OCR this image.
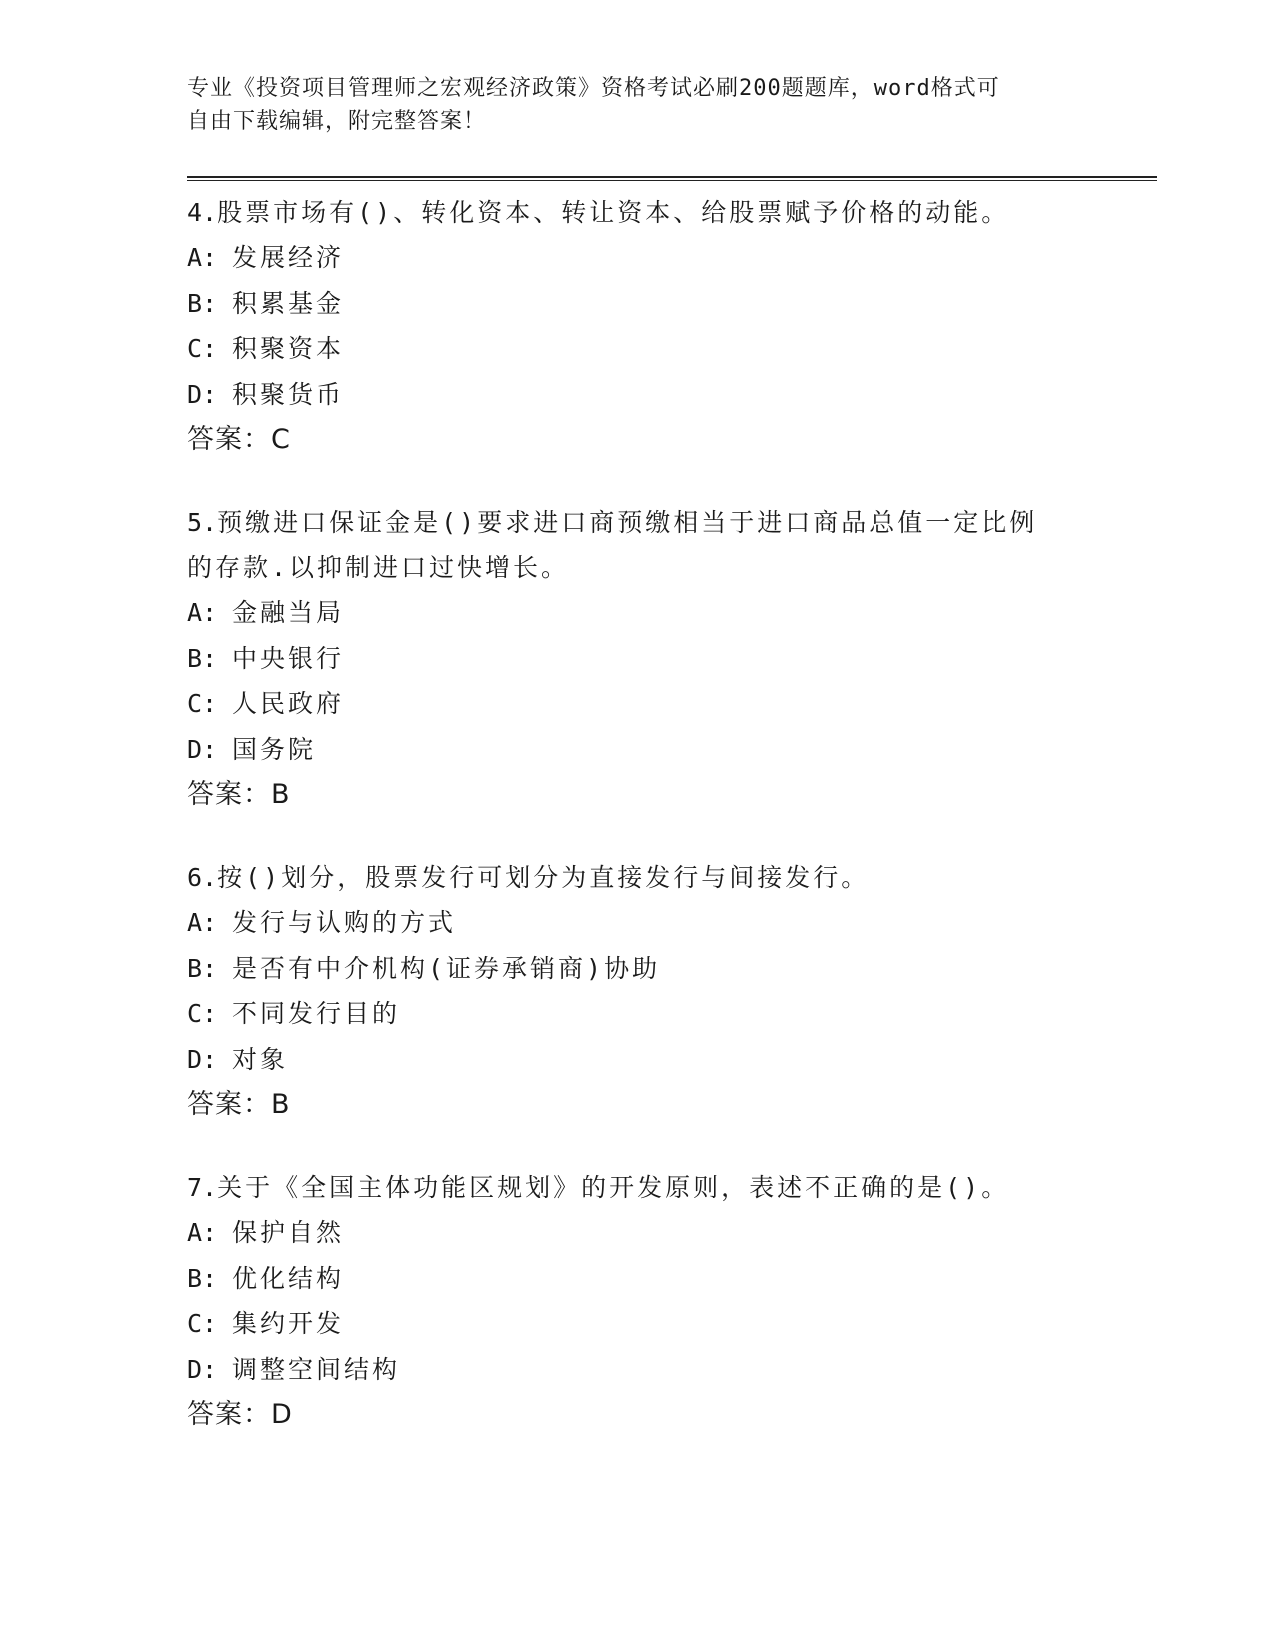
专业《投资项目管理师之宏观经济政策》资格考试必刷200题题库，word格式可
自由下载编辑，附完整答案！
4.股票市场有()、转化资本、转让资本、给股票赋予价格的动能。
A: 发展经济
B: 积累基金
C: 积聚资本
D: 积聚货币
答案：C
5.预缴进口保证金是()要求进口商预缴相当于进口商品总值一定比例
的存款.以抑制进口过快增长。
A: 金融当局
B: 中央银行
C: 人民政府
D: 国务院
答案：B
6.按()划分，股票发行可划分为直接发行与间接发行。
A: 发行与认购的方式
B: 是否有中介机构(证券承销商)协助
C: 不同发行目的
D: 对象
答案：B
7.关于《全国主体功能区规划》的开发原则，表述不正确的是()。
A: 保护自然
B: 优化结构
C: 集约开发
D: 调整空间结构
答案：D
